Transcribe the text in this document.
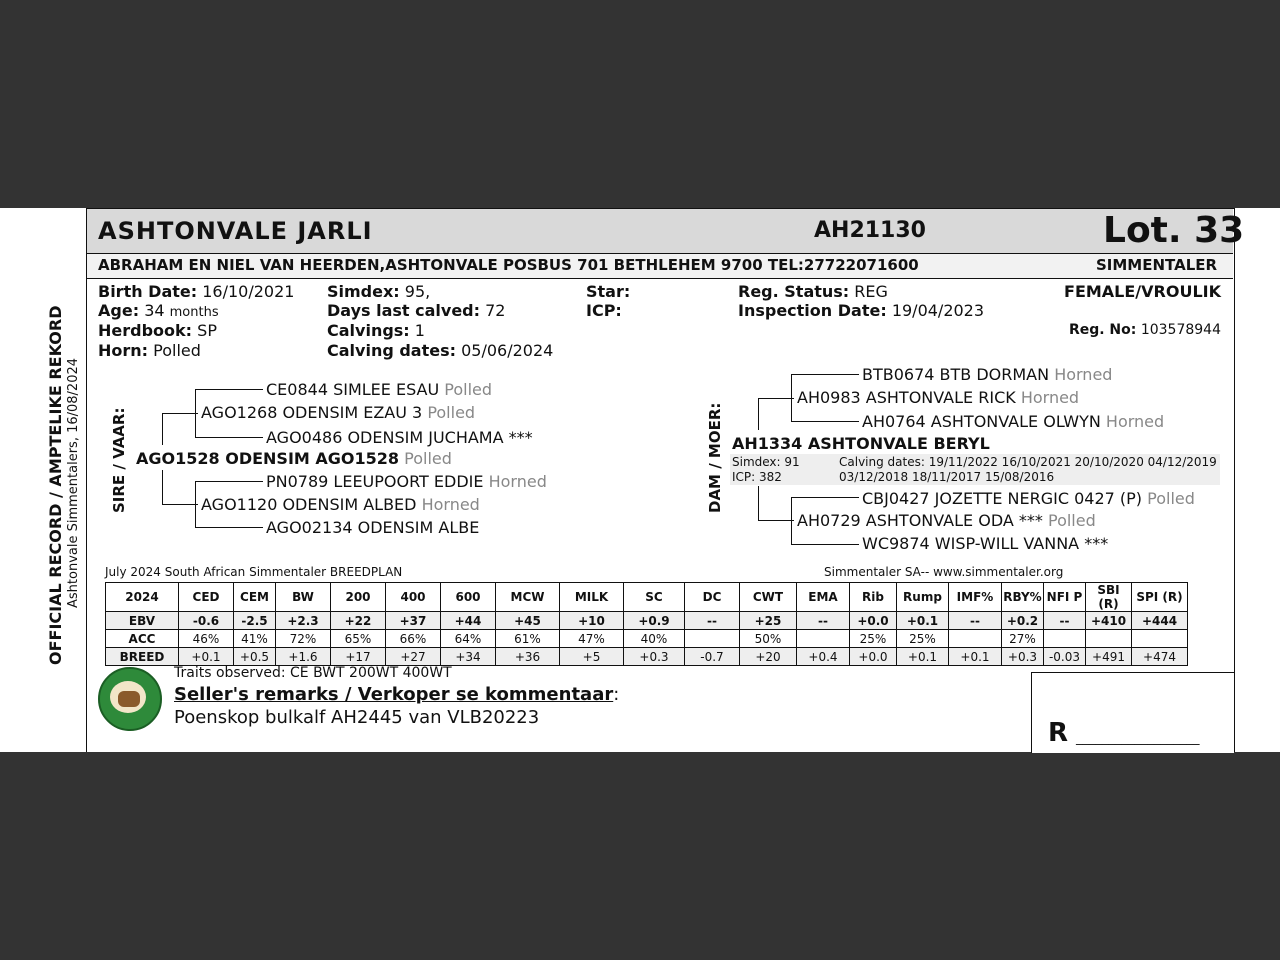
OFFICIAL RECORD / AMPTELIKE REKORD Ashtonvale Simmentalers, 16/08/2024
ASHTONVALE JARLI	AH21130	Lot. 33
ABRAHAM EN NIEL VAN HEERDEN,ASHTONVALE POSBUS 701 BETHLEHEM 9700 TEL:27722071600	SIMMENTALER
Birth Date: 16/10/2021
Age: 34 months
Herdbook: SP
Horn: Polled
Simdex: 95,
Days last calved: 72
Calvings: 1
Calving dates: 05/06/2024
Star:
ICP:
Reg. Status: REG
Inspection Date: 19/04/2023
FEMALE/VROULIK
Reg. No: 103578944
SIRE / VAAR:
CE0844 SIMLEE ESAU Polled
AGO1268 ODENSIM EZAU 3 Polled
AGO0486 ODENSIM JUCHAMA ***
AGO1528 ODENSIM AGO1528 Polled
PN0789 LEEUPOORT EDDIE Horned
AGO1120 ODENSIM ALBED Horned
AGO02134 ODENSIM ALBE
DAM / MOER:
BTB0674 BTB DORMAN Horned
AH0983 ASHTONVALE RICK Horned
AH0764 ASHTONVALE OLWYN Horned
AH1334 ASHTONVALE BERYL
Simdex: 91
ICP: 382
Calving dates: 19/11/2022 16/10/2021 20/10/2020 04/12/2019
03/12/2018 18/11/2017 15/08/2016
CBJ0427 JOZETTE NERGIC 0427 (P) Polled
AH0729 ASHTONVALE ODA *** Polled
WC9874 WISP-WILL VANNA ***
July 2024 South African Simmentaler BREEDPLAN	Simmentaler SA-- www.simmentaler.org
Traits observed: CE BWT 200WT 400WT
Seller's remarks / Verkoper se kommentaar:
Poenskop bulkalf AH2445 van VLB20223
R ___________________
2024	CED	CEM	BW	200	400	600	MCW	MILK	SC	DC	CWT	EMA	Rib	Rump	IMF%	RBY%	NFI P	SBI (R)	SPI (R)
EBV	-0.6	-2.5	+2.3	+22	+37	+44	+45	+10	+0.9	--	+25	--	+0.0	+0.1	--	+0.2	--	+410	+444
ACC	46%	41%	72%	65%	66%	64%	61%	47%	40%		50%		25%	25%		27%			
BREED	+0.1	+0.5	+1.6	+17	+27	+34	+36	+5	+0.3	-0.7	+20	+0.4	+0.0	+0.1	+0.1	+0.3	-0.03	+491	+474
